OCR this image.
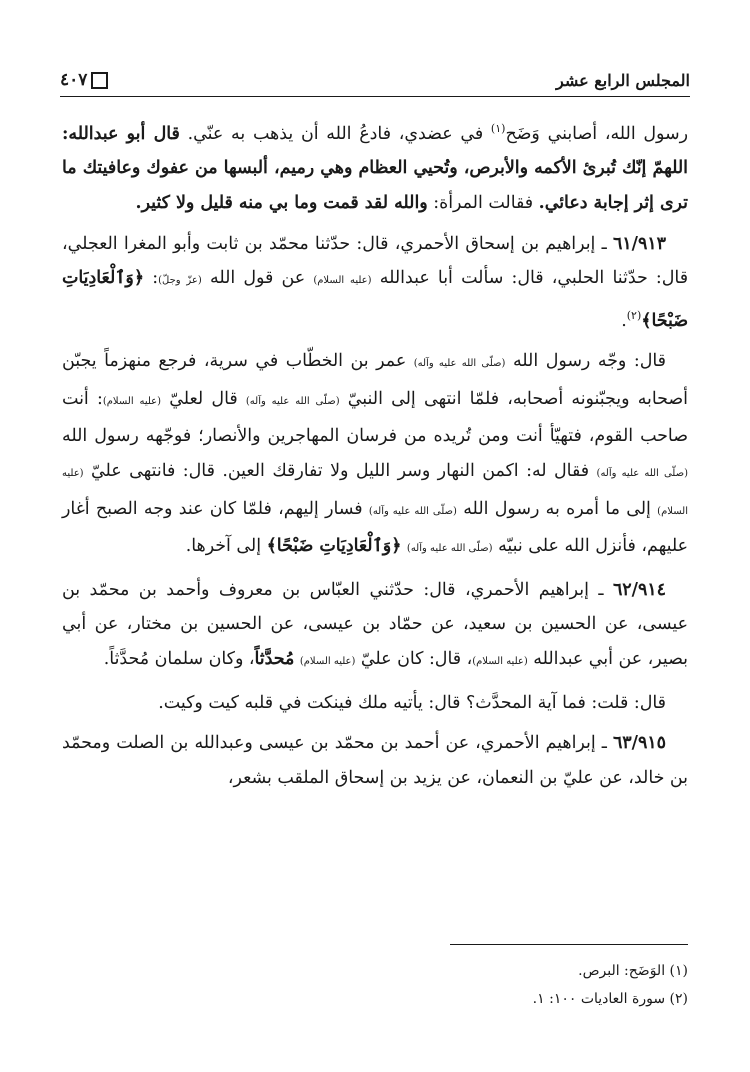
المجلس الرابع عشر
٤٠٧

رسول الله، أصابني وَضَح$^{(١)}$ في عضدي، فادعُ الله أن يذهب به عنّي. قال أبو عبدالله: اللهمّ إنّك تُبرئ الأكمه والأبرص، وتُحيي العظام وهي رميم، ألبسها من عفوك وعافيتك ما ترى إثر إجابة دعائي. فقالت المرأة: والله لقد قمت وما بي منه قليل ولا كثير.

٦١/٩١٣ ـ إبراهيم بن إسحاق الأحمري، قال: حدّثنا محمّد بن ثابت وأبو المغرا العجلي، قال: حدّثنا الحلبي، قال: سألت أبا عبدالله (عليه السلام) عن قول الله (عزّ وجلّ): ﴿وَٱلْعَادِيَاتِ ضَبْحًا﴾$^{(٢)}$.

قال: وجّه رسول الله (صلّى الله عليه وآله) عمر بن الخطّاب في سرية، فرجع منهزماً يجبّن أصحابه ويجبّنونه أصحابه، فلمّا انتهى إلى النبيّ (صلّى الله عليه وآله) قال لعليّ (عليه السلام): أنت صاحب القوم، فتهيّأ أنت ومن تُريده من فرسان المهاجرين والأنصار؛ فوجّهه رسول الله (صلّى الله عليه وآله) فقال له: اكمن النهار وسر الليل ولا تفارقك العين. قال: فانتهى عليّ (عليه السلام) إلى ما أمره به رسول الله (صلّى الله عليه وآله) فسار إليهم، فلمّا كان عند وجه الصبح أغار عليهم، فأنزل الله على نبيّه (صلّى الله عليه وآله) ﴿وَٱلْعَادِيَاتِ ضَبْحًا﴾ إلى آخرها.

٦٢/٩١٤ ـ إبراهيم الأحمري، قال: حدّثني العبّاس بن معروف وأحمد بن محمّد بن عيسى، عن الحسين بن سعيد، عن حمّاد بن عيسى، عن الحسين بن مختار، عن أبي بصير، عن أبي عبدالله (عليه السلام)، قال: كان عليّ (عليه السلام) مُحدَّثاً، وكان سلمان مُحدَّثاً.

قال: قلت: فما آية المحدَّث؟ قال: يأتيه ملك فينكت في قلبه كيت وكيت.

٦٣/٩١٥ ـ إبراهيم الأحمري، عن أحمد بن محمّد بن عيسى وعبدالله بن الصلت ومحمّد بن خالد، عن عليّ بن النعمان، عن يزيد بن إسحاق الملقب بشعر،

(١) الوَضَح: البرص.
(٢) سورة العاديات ١٠٠: ١.
